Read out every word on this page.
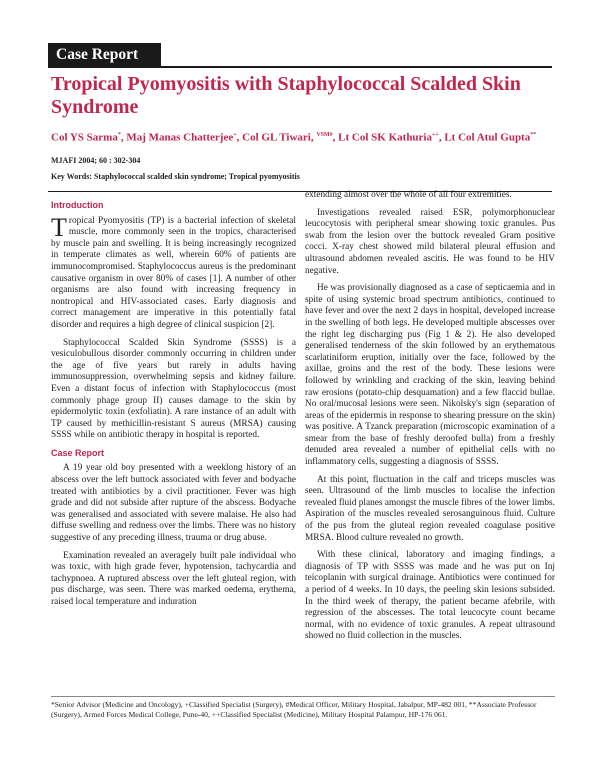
Case Report
Tropical Pyomyositis with Staphylococcal Scalded Skin Syndrome
Col YS Sarma*, Maj Manas Chatterjee+, Col GL Tiwari, $^{VSM\#}$, Lt Col SK Kathuria++, Lt Col Atul Gupta**
MJAFI 2004; 60 : 302-304
Key Words: Staphylococcal scalded skin syndrome; Tropical pyomyositis
Introduction

Tropical Pyomyositis (TP) is a bacterial infection of skeletal muscle, more commonly seen in the tropics, characterised by muscle pain and swelling. It is being increasingly recognized in temperate climates as well, wherein 60% of patients are immunocompromised. Staphylococcus aureus is the predominant causative organism in over 80% of cases [1]. A number of other organisms are also found with increasing frequency in nontropical and HIV-associated cases. Early diagnosis and correct management are imperative in this potentially fatal disorder and requires a high degree of clinical suspicion [2].

Staphylococcal Scalded Skin Syndrome (SSSS) is a vesiculobullous disorder commonly occurring in children under the age of five years but rarely in adults having immunosuppression, overwhelming sepsis and kidney failure. Even a distant focus of infection with Staphylococcus (most commonly phage group II) causes damage to the skin by epidermolytic toxin (exfoliatin). A rare instance of an adult with TP caused by methicillin-resistant S aureus (MRSA) causing SSSS while on antibiotic therapy in hospital is reported.

Case Report

A 19 year old boy presented with a weeklong history of an abscess over the left buttock associated with fever and bodyache treated with antibiotics by a civil practitioner. Fever was high grade and did not subside after rupture of the abscess. Bodyache was generalised and associated with severe malaise. He also had diffuse swelling and redness over the limbs. There was no history suggestive of any preceding illness, trauma or drug abuse.

Examination revealed an averagely built pale individual who was toxic, with high grade fever, hypotension, tachycardia and tachypnoea. A ruptured abscess over the left gluteal region, with pus discharge, was seen. There was marked oedema, erythema, raised local temperature and induration

extending almost over the whole of all four extremities.

Investigations revealed raised ESR, polymorphonuclear leucocytosis with peripheral smear showing toxic granules. Pus swab from the lesion over the buttock revealed Gram positive cocci. X-ray chest showed mild bilateral pleural effusion and ultrasound abdomen revealed ascitis. He was found to be HIV negative.

He was provisionally diagnosed as a case of septicaemia and in spite of using systemic broad spectrum antibiotics, continued to have fever and over the next 2 days in hospital, developed increase in the swelling of both legs. He developed multiple abscesses over the right leg discharging pus (Fig 1 & 2). He also developed generalised tenderness of the skin followed by an erythematous scarlatiniform eruption, initially over the face, followed by the axillae, groins and the rest of the body. These lesions were followed by wrinkling and cracking of the skin, leaving behind raw erosions (potato-chip desquamation) and a few flaccid bullae. No oral/mucosal lesions were seen. Nikolsky's sign (separation of areas of the epidermis in response to shearing pressure on the skin) was positive. A Tzanck preparation (microscopic examination of a smear from the base of freshly deroofed bulla) from a freshly denuded area revealed a number of epithelial cells with no inflammatory cells, suggesting a diagnosis of SSSS.

At this point, fluctuation in the calf and triceps muscles was seen. Ultrasound of the limb muscles to localise the infection revealed fluid planes amongst the muscle fibres of the lower limbs. Aspiration of the muscles revealed serosanguinous fluid. Culture of the pus from the gluteal region revealed coagulase positive MRSA. Blood culture revealed no growth.

With these clinical, laboratory and imaging findings, a diagnosis of TP with SSSS was made and he was put on Inj teicoplanin with surgical drainage. Antibiotics were continued for a period of 4 weeks. In 10 days, the peeling skin lesions subsided. In the third week of therapy, the patient became afebrile, with regression of the abscesses. The total leucocyte count became normal, with no evidence of toxic granules. A repeat ultrasound showed no fluid collection in the muscles.

*Senior Advisor (Medicine and Oncology), +Classified Specialist (Surgery), #Medical Officer, Military Hospital, Jabalpur, MP-482 001, **Associate Professor (Surgery), Armed Forces Medical College, Pune-40, ++Classified Specialist (Medicine), Military Hospital Palampur, HP-176 061.
